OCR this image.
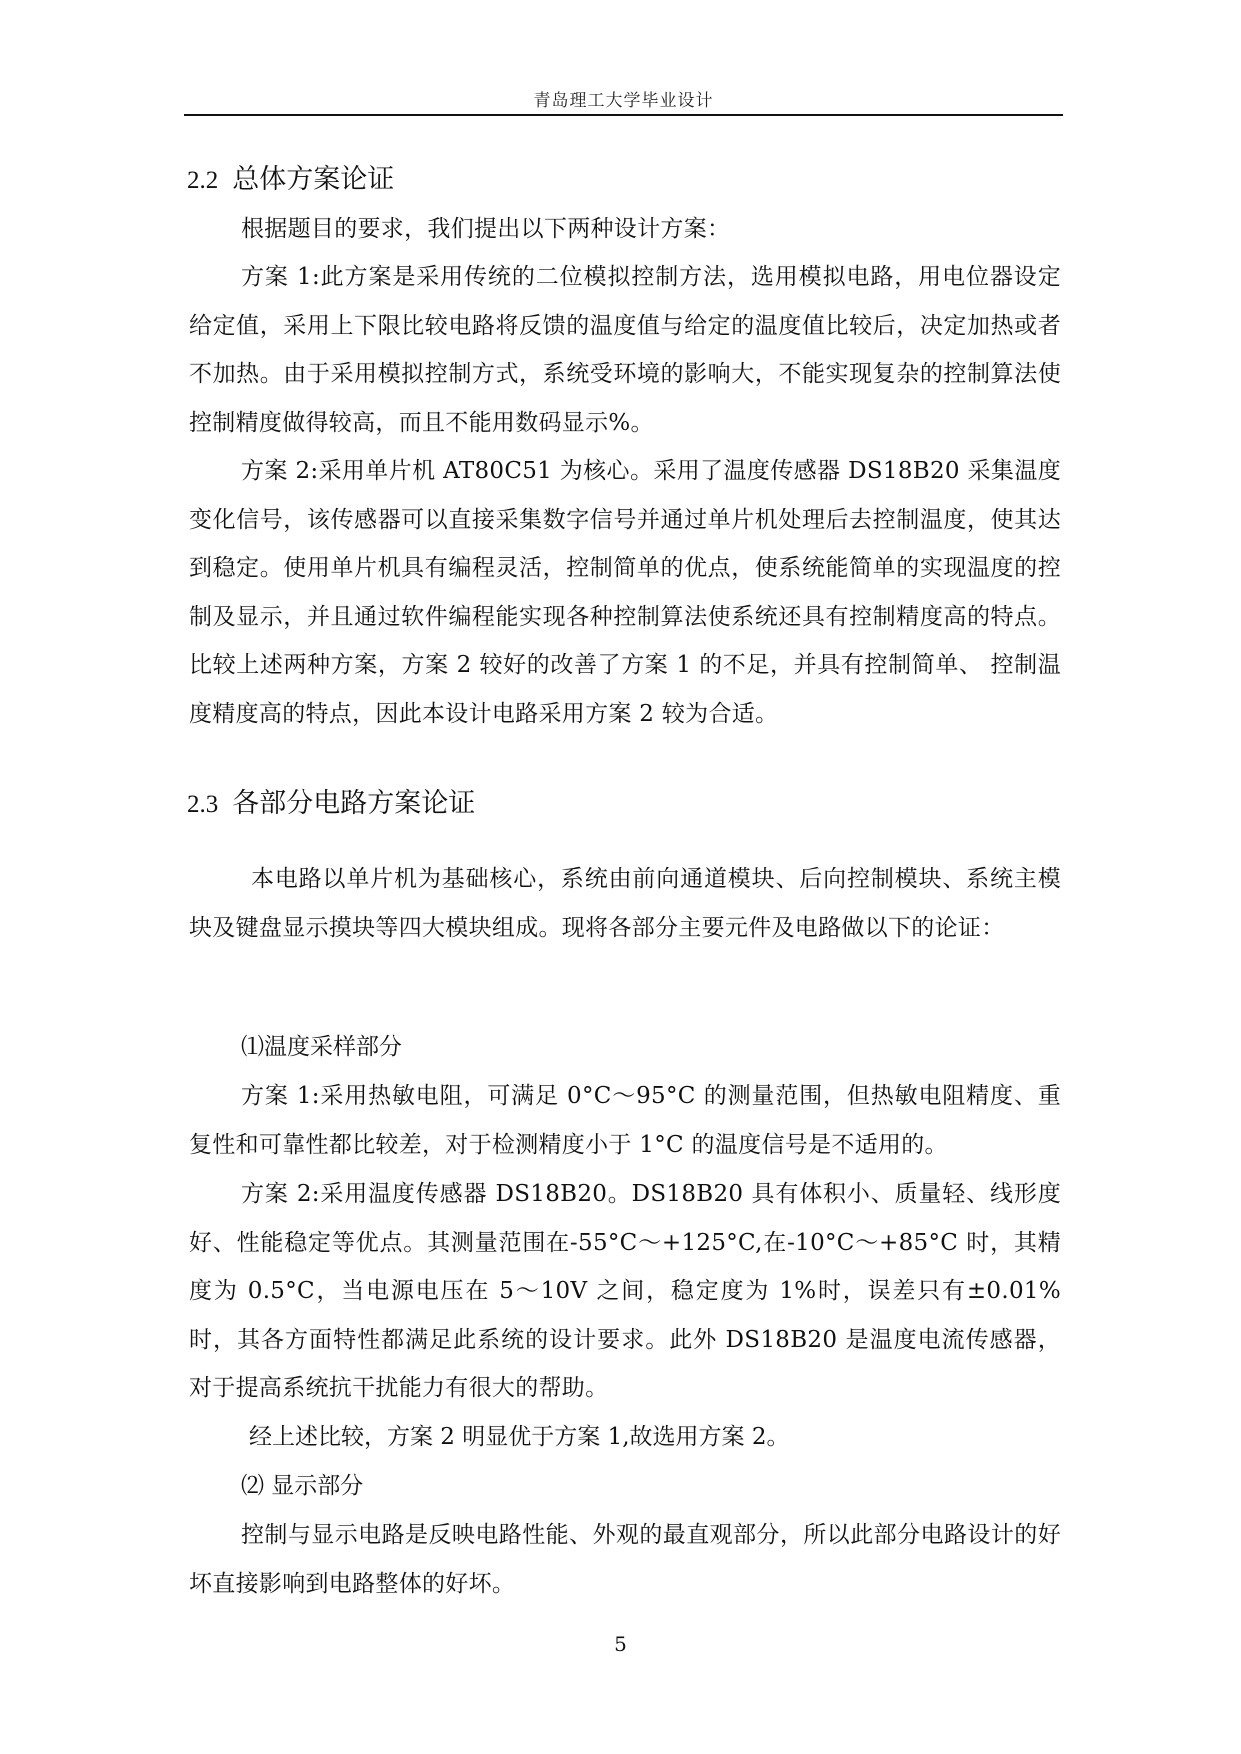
青岛理工大学毕业设计
2.2 总体方案论证

根据题目的要求，我们提出以下两种设计方案：

方案 1:此方案是采用传统的二位模拟控制方法，选用模拟电路，用电位器设定给定值，采用上下限比较电路将反馈的温度值与给定的温度值比较后，决定加热或者不加热。由于采用模拟控制方式，系统受环境的影响大，不能实现复杂的控制算法使控制精度做得较高，而且不能用数码显示%。

方案 2:采用单片机 AT80C51 为核心。采用了温度传感器 DS18B20 采集温度变化信号，该传感器可以直接采集数字信号并通过单片机处理后去控制温度，使其达到稳定。使用单片机具有编程灵活，控制简单的优点，使系统能简单的实现温度的控 制及显示，并且通过软件编程能实现各种控制算法使系统还具有控制精度高的特点。比较上述两种方案，方案 2 较好的改善了方案 1 的不足，并具有控制简单、 控制温度精度高的特点，因此本设计电路采用方案 2 较为合适。

2.3 各部分电路方案论证

本电路以单片机为基础核心，系统由前向通道模块、后向控制模块、系统主模块及键盘显示摸块等四大模块组成。现将各部分主要元件及电路做以下的论证：

⑴温度采样部分

方案 1:采用热敏电阻，可满足 0°C～95°C 的测量范围，但热敏电阻精度、重复性和可靠性都比较差，对于检测精度小于 1°C 的温度信号是不适用的。

方案 2:采用温度传感器 DS18B20。DS18B20 具有体积小、质量轻、线形度好、性能稳定等优点。其测量范围在-55°C～+125°C,在-10°C～+85°C 时，其精度为 0.5°C，当电源电压在 5～10V 之间，稳定度为 1%时，误差只有±0.01%时，其各方面特性都满足此系统的设计要求。此外 DS18B20 是温度电流传感器，对于提高系统抗干扰能力有很大的帮助。

经上述比较，方案 2 明显优于方案 1,故选用方案 2。
⑵ 显示部分

控制与显示电路是反映电路性能、外观的最直观部分，所以此部分电路设计的好坏直接影响到电路整体的好坏。

5
